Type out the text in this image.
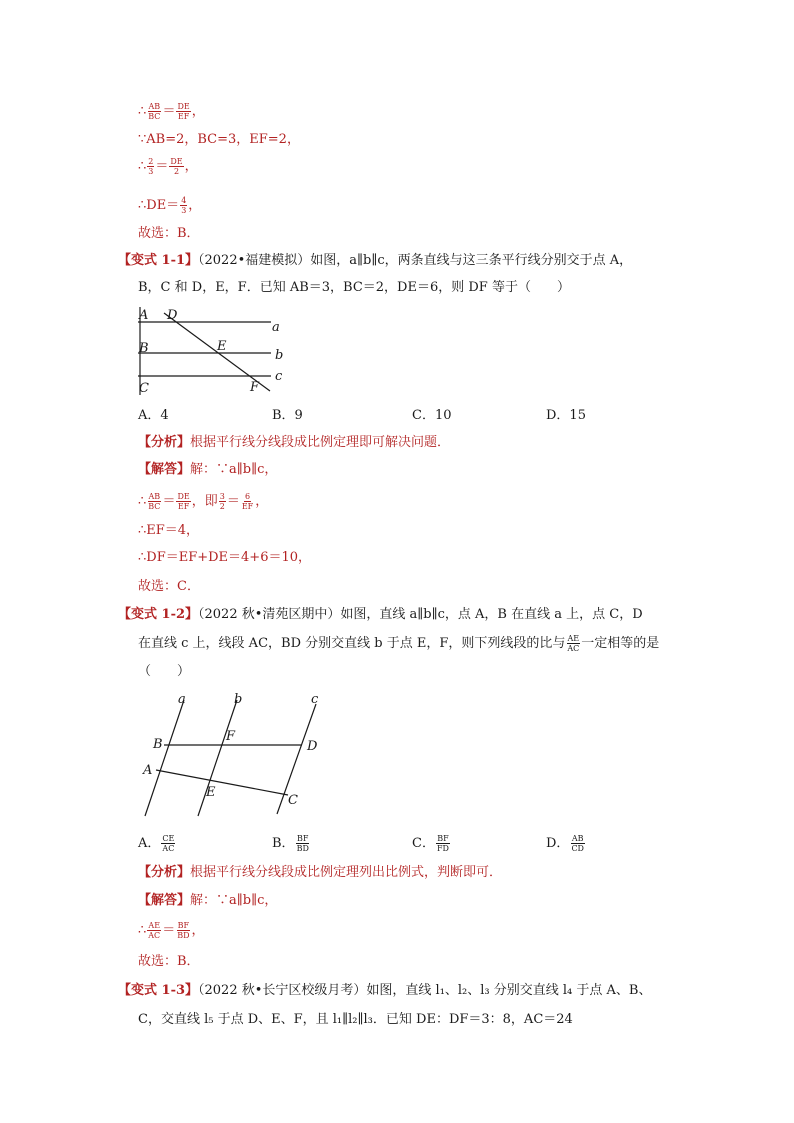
∴ $\frac{AB}{BC} = \frac{DE}{EF}$ ，
∵AB=2，BC=3，EF=2，
∴ $\frac{2}{3} = \frac{DE}{2}$ ，
∴DE＝ $\frac{4}{3}$ ，
故选：B．
【变式 1-1】（2022•福建模拟）如图，a∥b∥c，两条直线与这三条平行线分别交于点 A，
B，C 和 D，E，F．已知 AB＝3，BC＝2，DE＝6，则 DF 等于（　　）
A D
a
E
B	b
c
C	F
A．4	B．9	C．10	D．15
【分析】根据平行线分线段成比例定理即可解决问题．
【解答】解：∵a∥b∥c，
∴ $\frac{AB}{BC} = \frac{DE}{EF}$ ，即 $\frac{3}{2} = \frac{6}{EF}$ ，
∴EF＝4，
∴DF＝EF+DE＝4+6＝10，
故选：C．
【变式 1-2】（2022 秋•清苑区期中）如图，直线 a∥b∥c，点 A，B 在直线 a 上，点 C，D
在直线 c 上，线段 AC，BD 分别交直线 b 于点 E，F，则下列线段的比与 $\frac{AE}{AC}$ 一定相等的是
（　　）
a	b	c
B
F
D
A
E
C
A． $\frac{CE}{AC}$	B． $\frac{BF}{BD}$	C． $\frac{BF}{FD}$	D． $\frac{AB}{CD}$
【分析】根据平行线分线段成比例定理列出比例式，判断即可．
【解答】解：∵a∥b∥c，
∴ $\frac{AE}{AC} = \frac{BF}{BD}$ ，
故选：B．
【变式 1-3】（2022 秋•长宁区校级月考）如图，直线 l₁、l₂、l₃ 分别交直线 l₄ 于点 A、B、
C，交直线 l₅ 于点 D、E、F，且 l₁∥l₂∥l₃．已知 DE：DF＝3：8，AC＝24
